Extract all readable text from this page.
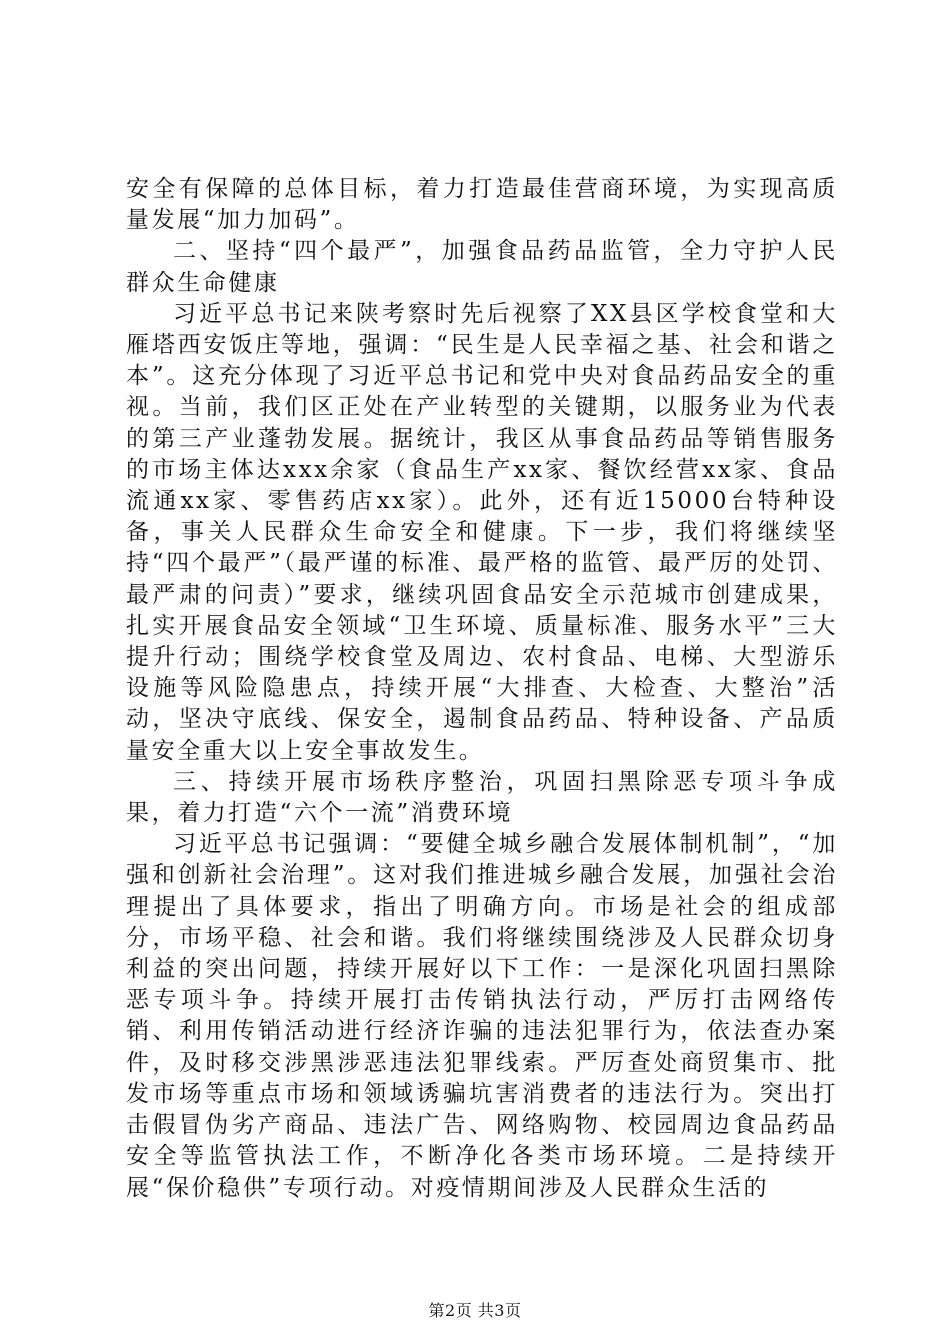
安全有保障的总体目标，着力打造最佳营商环境，为实现高质量发展“加力加码”。

二、坚持“四个最严”，加强食品药品监管，全力守护人民群众生命健康

习近平总书记来陕考察时先后视察了XX县区学校食堂和大雁塔西安饭庄等地，强调：“民生是人民幸福之基、社会和谐之本”。这充分体现了习近平总书记和党中央对食品药品安全的重视。当前，我们区正处在产业转型的关键期，以服务业为代表的第三产业蓬勃发展。据统计，我区从事食品药品等销售服务的市场主体达xxx余家（食品生产xx家、餐饮经营xx家、食品流通xx家、零售药店xx家）。此外，还有近15000台特种设备，事关人民群众生命安全和健康。下一步，我们将继续坚持“四个最严”（最严谨的标准、最严格的监管、最严厉的处罚、最严肃的问责）”要求，继续巩固食品安全示范城市创建成果，扎实开展食品安全领域“卫生环境、质量标准、服务水平”三大提升行动；围绕学校食堂及周边、农村食品、电梯、大型游乐设施等风险隐患点，持续开展“大排查、大检查、大整治”活动，坚决守底线、保安全，遏制食品药品、特种设备、产品质量安全重大以上安全事故发生。

三、持续开展市场秩序整治，巩固扫黑除恶专项斗争成果，着力打造“六个一流”消费环境

习近平总书记强调：“要健全城乡融合发展体制机制”，“加强和创新社会治理”。这对我们推进城乡融合发展，加强社会治理提出了具体要求，指出了明确方向。市场是社会的组成部分，市场平稳、社会和谐。我们将继续围绕涉及人民群众切身利益的突出问题，持续开展好以下工作：一是深化巩固扫黑除恶专项斗争。持续开展打击传销执法行动，严厉打击网络传销、利用传销活动进行经济诈骗的违法犯罪行为，依法查办案件，及时移交涉黑涉恶违法犯罪线索。严厉查处商贸集市、批发市场等重点市场和领域诱骗坑害消费者的违法行为。突出打击假冒伪劣产商品、违法广告、网络购物、校园周边食品药品安全等监管执法工作，不断净化各类市场环境。二是持续开展“保价稳供”专项行动。对疫情期间涉及人民群众生活的

第2页 共3页
